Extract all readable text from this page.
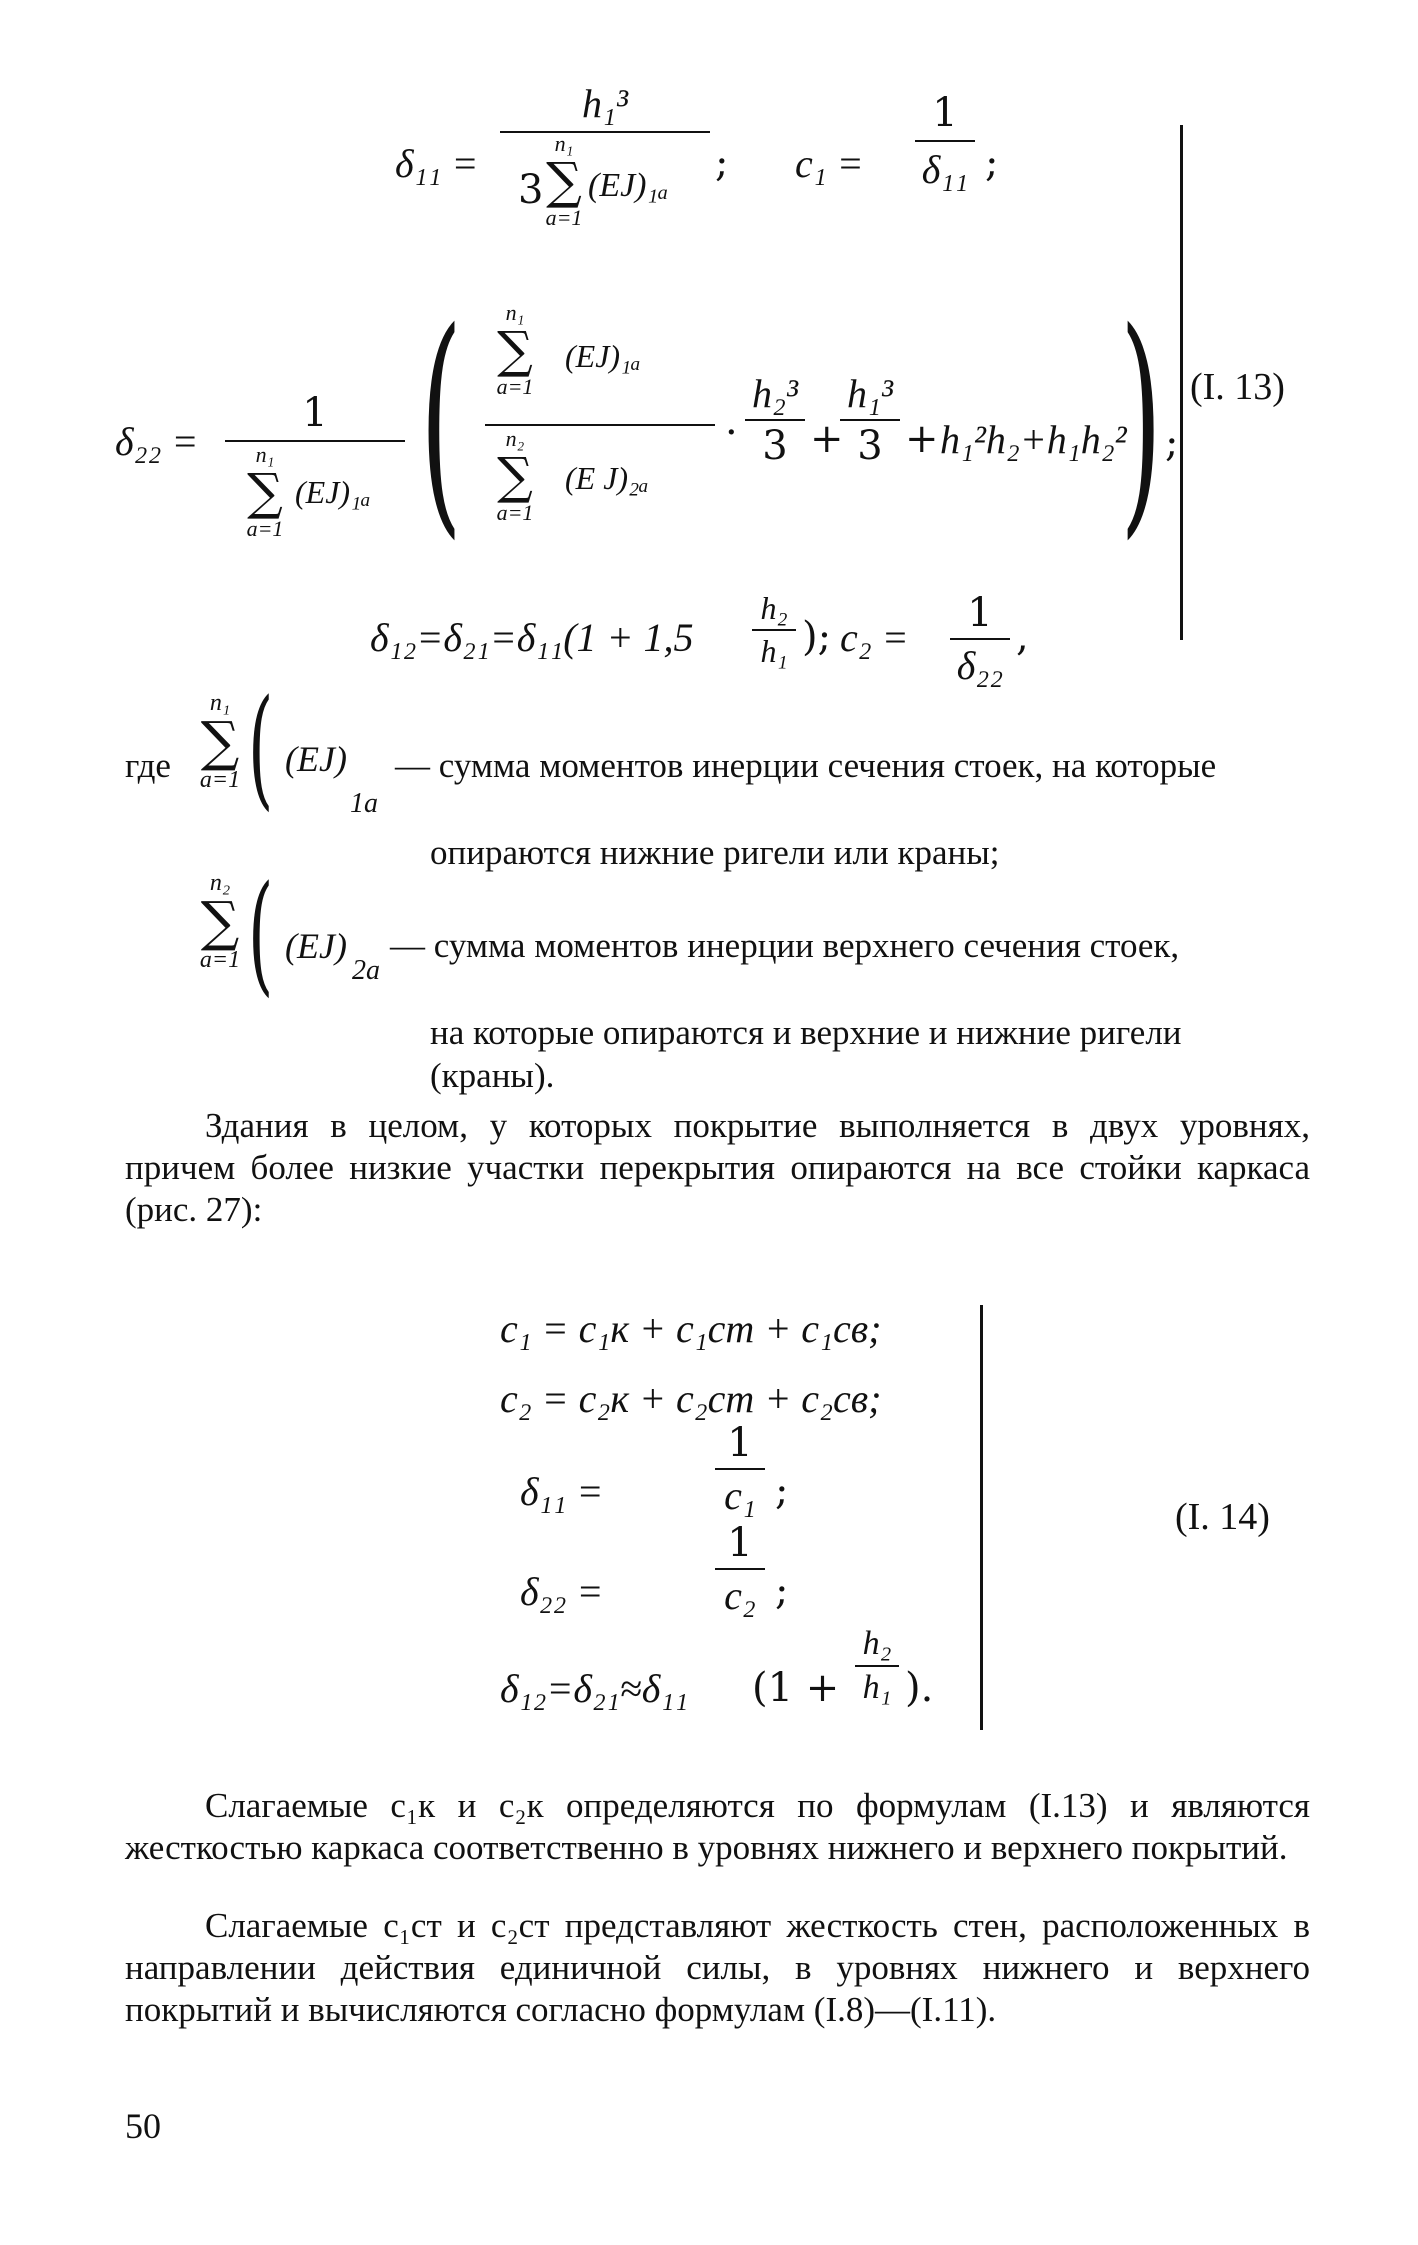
δ₁₁ =
h₁³
3
n₁
∑
a=1
(EJ)₁ₐ ; c₁ =
1
δ₁₁ ;
δ₂₂ =
1
n₁
∑
a=1
(EJ)₁ₐ (	n₁
∑
a=1
(EJ)₁ₐ
n₂
∑
a=1
(E J)₂ₐ
·
h₂³
3 +
h₁³
3 + h₁²h₂+h₁h₂²
) ;
δ₁₂=δ₂₁=δ₁₁(1 + 1,5
h₂
h₁ ); c₂ =
1
δ₂₂
,
(I. 13)
где
n₁
∑
a=1 ( (EJ)
1a
— сумма моментов инерции сечения стоек, на которые
опираются нижние ригели или краны;
n₂
∑
a=1 ( (EJ)
2a
— сумма моментов инерции верхнего сечения стоек,
на которые опираются и верхние и нижние ригели
(краны).

Здания в целом, у которых покрытие выполняется в двух уровнях, причем более низкие участки перекрытия опираются на все стойки каркаса (рис. 27):

c₁ = c₁к + c₁ст + c₁св;
c₂ = c₂к + c₂ст + c₂св;
δ₁₁ =
1
c₁ ;
δ₂₂ =
1
c₂ ;
δ₁₂=δ₂₁≈δ₁₁ (1 +
h₂
h₁ ).
(I. 14)

Слагаемые c₁к и c₂к определяются по формулам (I.13) и являются жесткостью каркаса соответственно в уровнях нижнего и верхнего покрытий.

Слагаемые c₁ст и c₂ст представляют жесткость стен, расположенных в направлении действия единичной силы, в уровнях нижнего и верхнего покрытий и вычисляются согласно формулам (I.8)—(I.11).

50
